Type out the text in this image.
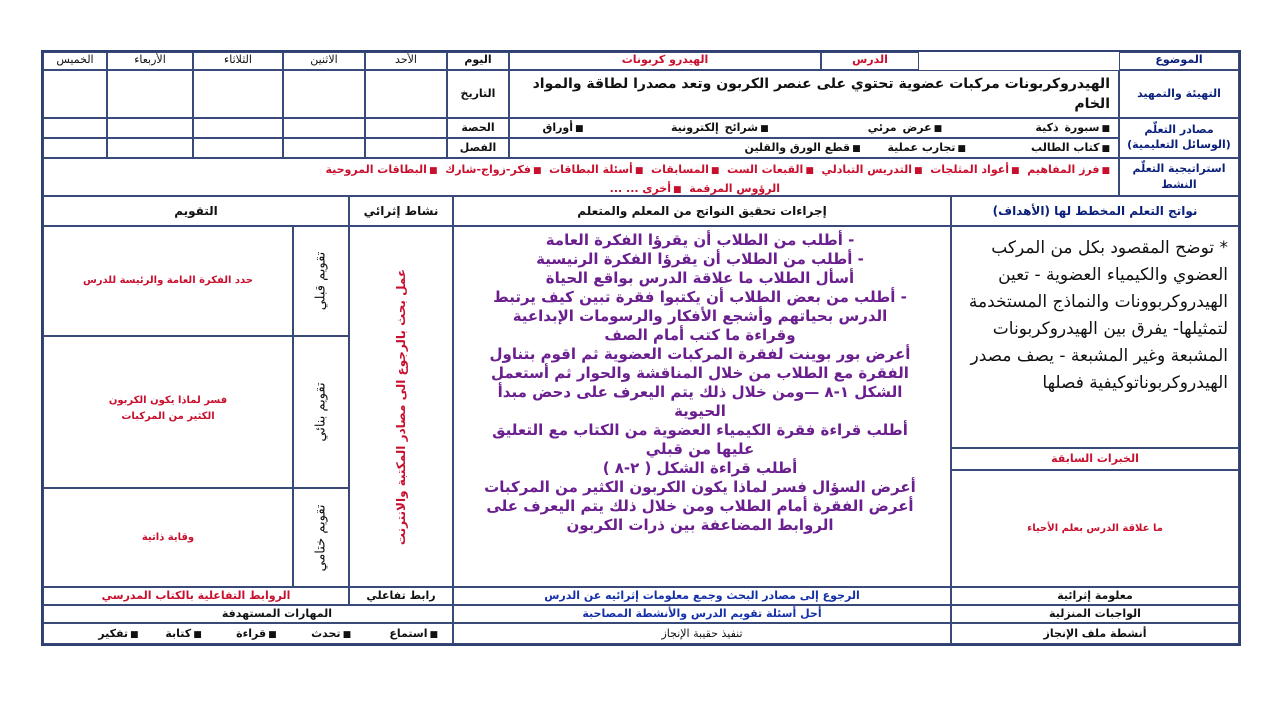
الموضوع
الدرس
الهيدرو كربونات
اليوم
الأحد
الاثنين
الثلاثاء
الأربعاء
الخميس
التهيئة والتمهيد
الهيدروكربونات مركبات عضوية تحتوي على عنصر الكربون وتعد مصدرا لطاقة والمواد الخام
التاريخ
مصادر التعلّم (الوسائل التعليمية)
■ سبورة ذكية                ■ عرض مرئي                 ■ شرائح إلكترونية               ■ أوراق
■ كتاب الطالب                 ■ تجارب عملية       ■ قطع الورق والقلين
الحصة
الفصل
استراتيجية التعلّم النشط
■ فرز المفاهيم  ■ أعواد المثلجات  ■ التدريس التبادلي  ■ القبعات الست  ■ المسابقات  ■ أسئلة البطاقات  ■ فكر-زواج-شارك  ■ البطاقات المروحية
الرؤوس المرقمة  ■ أخرى ... ...
نواتج التعلم المخطط لها (الأهداف)
إجراءات تحقيق النواتج من المعلم والمتعلم
نشاط إثرائي
التقويم
* توضح المقصود بكل من المركب العضوي والكيمياء العضوية - تعين الهيدروكربوونات والنماذج المستخدمة لتمثيلها- يفرق بين الهيدروكربونات المشبعة وغير المشبعة - يصف مصدر الهيدروكربوناتوكيفية فصلها
الخبرات السابقة
ما علاقة الدرس بعلم الأحياء
- أطلب من الطلاب أن يقرؤا الفكرة العامة
- أطلب من الطلاب أن يقرؤا الفكرة الرنيسية
أسأل الطلاب ما علاقة الدرس بواقع الحياة
- أطلب من بعض الطلاب أن يكتبوا فقرة تبين كيف يرتبط
الدرس بحياتهم وأشجع الأفكار والرسومات الإبداعية
وقراءة ما كتب أمام الصف
أعرض بور بوينت لفقرة المركبات العضوية ثم اقوم بتناول
الفقرة مع الطلاب من خلال المناقشة والحوار ثم أستعمل
الشكل ١-٨ —ومن خلال ذلك يتم اليعرف على دحض مبدأ
الحيوية
أطلب قراءة فقرة الكيمياء العضوية من الكتاب مع التعليق
عليها من قبلي
أطلب قراءة الشكل ( ٢-٨ )
أعرض السؤال فسر لماذا يكون الكربون الكثير من المركبات
أعرض الفقرة أمام الطلاب ومن خلال ذلك يتم اليعرف على
الروابط المضاعفة بين ذرات الكربون
عمل بحث بالرجوع الى مصادر المكتبة والانترنت
تقويم قبلي
حدد الفكرة العامة والرئيسة للدرس
تقويم بنائي
فسر لماذا يكون الكربون الكثير من المركبات
تقويم ختامي
وقاية ذاتية
معلومة إثرائية
الرجوع إلى مصادر البحث وجمع معلومات إثرائيه عن الدرس
رابط تفاعلي
الروابط التفاعلية بالكتاب المدرسي
الواجبات المنزلية
أحل أسئلة تقويم الدرس والأنشطة المصاحبة
المهارات المستهدفة
أنشطة ملف الإنجاز
تنفيذ حقيبة الإنجاز
■ استماع          ■ تحدث         ■ قراءة         ■ كتابة       ■ تفكير
